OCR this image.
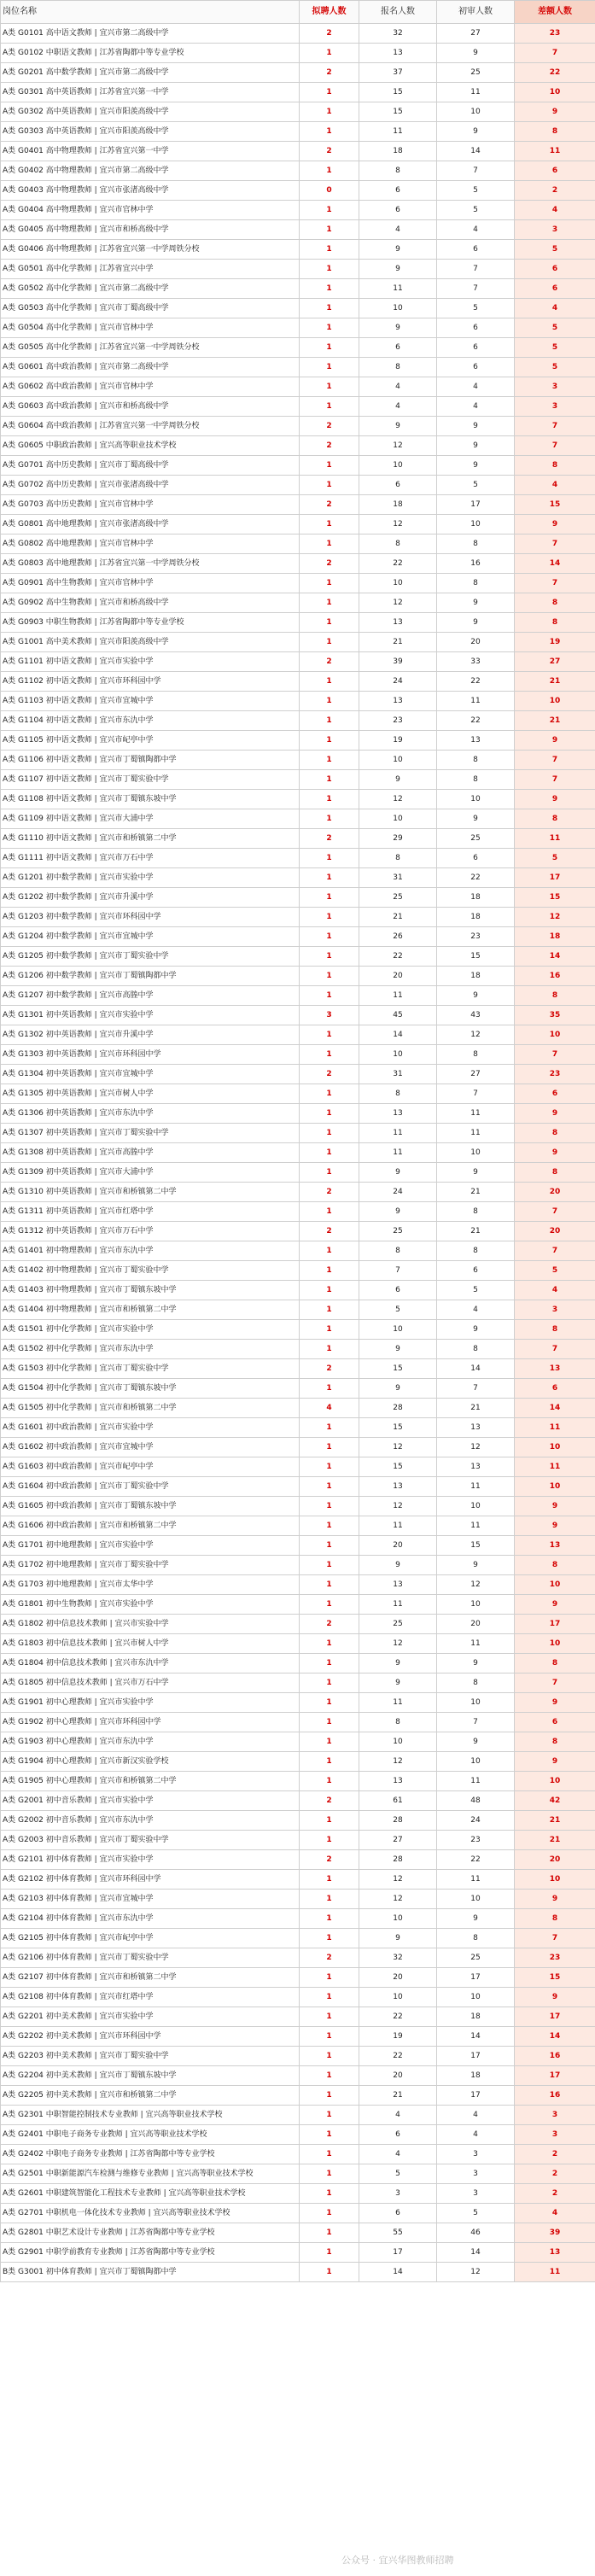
岗位名称	拟聘人数	报名人数	初审人数	差额人数
A类 G0101 高中语文教师 | 宜兴市第二高级中学	2	32	27	23
A类 G0102 中职语文教师 | 江苏省陶都中等专业学校	1	13	9	7
A类 G0201 高中数学教师 | 宜兴市第二高级中学	2	37	25	22
A类 G0301 高中英语教师 | 江苏省宜兴第一中学	1	15	11	10
A类 G0302 高中英语教师 | 宜兴市阳羡高级中学	1	15	10	9
A类 G0303 高中英语教师 | 宜兴市阳羡高级中学	1	11	9	8
A类 G0401 高中物理教师 | 江苏省宜兴第一中学	2	18	14	11
A类 G0402 高中物理教师 | 宜兴市第二高级中学	1	8	7	6
A类 G0403 高中物理教师 | 宜兴市张渚高级中学	0	6	5	2
A类 G0404 高中物理教师 | 宜兴市官林中学	1	6	5	4
A类 G0405 高中物理教师 | 宜兴市和桥高级中学	1	4	4	3
A类 G0406 高中物理教师 | 江苏省宜兴第一中学周铁分校	1	9	6	5
A类 G0501 高中化学教师 | 江苏省宜兴中学	1	9	7	6
A类 G0502 高中化学教师 | 宜兴市第二高级中学	1	11	7	6
A类 G0503 高中化学教师 | 宜兴市丁蜀高级中学	1	10	5	4
A类 G0504 高中化学教师 | 宜兴市官林中学	1	9	6	5
A类 G0505 高中化学教师 | 江苏省宜兴第一中学周铁分校	1	6	6	5
A类 G0601 高中政治教师 | 宜兴市第二高级中学	1	8	6	5
A类 G0602 高中政治教师 | 宜兴市官林中学	1	4	4	3
A类 G0603 高中政治教师 | 宜兴市和桥高级中学	1	4	4	3
A类 G0604 高中政治教师 | 江苏省宜兴第一中学周铁分校	2	9	9	7
A类 G0605 中职政治教师 | 宜兴高等职业技术学校	2	12	9	7
A类 G0701 高中历史教师 | 宜兴市丁蜀高级中学	1	10	9	8
A类 G0702 高中历史教师 | 宜兴市张渚高级中学	1	6	5	4
A类 G0703 高中历史教师 | 宜兴市官林中学	2	18	17	15
A类 G0801 高中地理教师 | 宜兴市张渚高级中学	1	12	10	9
A类 G0802 高中地理教师 | 宜兴市官林中学	1	8	8	7
A类 G0803 高中地理教师 | 江苏省宜兴第一中学周铁分校	2	22	16	14
A类 G0901 高中生物教师 | 宜兴市官林中学	1	10	8	7
A类 G0902 高中生物教师 | 宜兴市和桥高级中学	1	12	9	8
A类 G0903 中职生物教师 | 江苏省陶都中等专业学校	1	13	9	8
A类 G1001 高中美术教师 | 宜兴市阳羡高级中学	1	21	20	19
A类 G1101 初中语文教师 | 宜兴市实验中学	2	39	33	27
A类 G1102 初中语文教师 | 宜兴市环科园中学	1	24	22	21
A类 G1103 初中语文教师 | 宜兴市宜城中学	1	13	11	10
A类 G1104 初中语文教师 | 宜兴市东氿中学	1	23	22	21
A类 G1105 初中语文教师 | 宜兴市屺亭中学	1	19	13	9
A类 G1106 初中语文教师 | 宜兴市丁蜀镇陶都中学	1	10	8	7
A类 G1107 初中语文教师 | 宜兴市丁蜀实验中学	1	9	8	7
A类 G1108 初中语文教师 | 宜兴市丁蜀镇东坡中学	1	12	10	9
A类 G1109 初中语文教师 | 宜兴市大浦中学	1	10	9	8
A类 G1110 初中语文教师 | 宜兴市和桥镇第二中学	2	29	25	11
A类 G1111 初中语文教师 | 宜兴市万石中学	1	8	6	5
A类 G1201 初中数学教师 | 宜兴市实验中学	1	31	22	17
A类 G1202 初中数学教师 | 宜兴市升溪中学	1	25	18	15
A类 G1203 初中数学教师 | 宜兴市环科园中学	1	21	18	12
A类 G1204 初中数学教师 | 宜兴市宜城中学	1	26	23	18
A类 G1205 初中数学教师 | 宜兴市丁蜀实验中学	1	22	15	14
A类 G1206 初中数学教师 | 宜兴市丁蜀镇陶都中学	1	20	18	16
A类 G1207 初中数学教师 | 宜兴市高塍中学	1	11	9	8
A类 G1301 初中英语教师 | 宜兴市实验中学	3	45	43	35
A类 G1302 初中英语教师 | 宜兴市升溪中学	1	14	12	10
A类 G1303 初中英语教师 | 宜兴市环科园中学	1	10	8	7
A类 G1304 初中英语教师 | 宜兴市宜城中学	2	31	27	23
A类 G1305 初中英语教师 | 宜兴市树人中学	1	8	7	6
A类 G1306 初中英语教师 | 宜兴市东氿中学	1	13	11	9
A类 G1307 初中英语教师 | 宜兴市丁蜀实验中学	1	11	11	8
A类 G1308 初中英语教师 | 宜兴市高塍中学	1	11	10	9
A类 G1309 初中英语教师 | 宜兴市大浦中学	1	9	9	8
A类 G1310 初中英语教师 | 宜兴市和桥镇第二中学	2	24	21	20
A类 G1311 初中英语教师 | 宜兴市红塔中学	1	9	8	7
A类 G1312 初中英语教师 | 宜兴市万石中学	2	25	21	20
A类 G1401 初中物理教师 | 宜兴市东氿中学	1	8	8	7
A类 G1402 初中物理教师 | 宜兴市丁蜀实验中学	1	7	6	5
A类 G1403 初中物理教师 | 宜兴市丁蜀镇东坡中学	1	6	5	4
A类 G1404 初中物理教师 | 宜兴市和桥镇第二中学	1	5	4	3
A类 G1501 初中化学教师 | 宜兴市实验中学	1	10	9	8
A类 G1502 初中化学教师 | 宜兴市东氿中学	1	9	8	7
A类 G1503 初中化学教师 | 宜兴市丁蜀实验中学	2	15	14	13
A类 G1504 初中化学教师 | 宜兴市丁蜀镇东坡中学	1	9	7	6
A类 G1505 初中化学教师 | 宜兴市和桥镇第二中学	4	28	21	14
A类 G1601 初中政治教师 | 宜兴市实验中学	1	15	13	11
A类 G1602 初中政治教师 | 宜兴市宜城中学	1	12	12	10
A类 G1603 初中政治教师 | 宜兴市屺亭中学	1	15	13	11
A类 G1604 初中政治教师 | 宜兴市丁蜀实验中学	1	13	11	10
A类 G1605 初中政治教师 | 宜兴市丁蜀镇东坡中学	1	12	10	9
A类 G1606 初中政治教师 | 宜兴市和桥镇第二中学	1	11	11	9
A类 G1701 初中地理教师 | 宜兴市实验中学	1	20	15	13
A类 G1702 初中地理教师 | 宜兴市丁蜀实验中学	1	9	9	8
A类 G1703 初中地理教师 | 宜兴市太华中学	1	13	12	10
A类 G1801 初中生物教师 | 宜兴市实验中学	1	11	10	9
A类 G1802 初中信息技术教师 | 宜兴市实验中学	2	25	20	17
A类 G1803 初中信息技术教师 | 宜兴市树人中学	1	12	11	10
A类 G1804 初中信息技术教师 | 宜兴市东氿中学	1	9	9	8
A类 G1805 初中信息技术教师 | 宜兴市万石中学	1	9	8	7
A类 G1901 初中心理教师 | 宜兴市实验中学	1	11	10	9
A类 G1902 初中心理教师 | 宜兴市环科园中学	1	8	7	6
A类 G1903 初中心理教师 | 宜兴市东氿中学	1	10	9	8
A类 G1904 初中心理教师 | 宜兴市新汉实验学校	1	12	10	9
A类 G1905 初中心理教师 | 宜兴市和桥镇第二中学	1	13	11	10
A类 G2001 初中音乐教师 | 宜兴市实验中学	2	61	48	42
A类 G2002 初中音乐教师 | 宜兴市东氿中学	1	28	24	21
A类 G2003 初中音乐教师 | 宜兴市丁蜀实验中学	1	27	23	21
A类 G2101 初中体育教师 | 宜兴市实验中学	2	28	22	20
A类 G2102 初中体育教师 | 宜兴市环科园中学	1	12	11	10
A类 G2103 初中体育教师 | 宜兴市宜城中学	1	12	10	9
A类 G2104 初中体育教师 | 宜兴市东氿中学	1	10	9	8
A类 G2105 初中体育教师 | 宜兴市屺亭中学	1	9	8	7
A类 G2106 初中体育教师 | 宜兴市丁蜀实验中学	2	32	25	23
A类 G2107 初中体育教师 | 宜兴市和桥镇第二中学	1	20	17	15
A类 G2108 初中体育教师 | 宜兴市红塔中学	1	10	10	9
A类 G2201 初中美术教师 | 宜兴市实验中学	1	22	18	17
A类 G2202 初中美术教师 | 宜兴市环科园中学	1	19	14	14
A类 G2203 初中美术教师 | 宜兴市丁蜀实验中学	1	22	17	16
A类 G2204 初中美术教师 | 宜兴市丁蜀镇东坡中学	1	20	18	17
A类 G2205 初中美术教师 | 宜兴市和桥镇第二中学	1	21	17	16
A类 G2301 中职智能控制技术专业教师 | 宜兴高等职业技术学校	1	4	4	3
A类 G2401 中职电子商务专业教师 | 宜兴高等职业技术学校	1	6	4	3
A类 G2402 中职电子商务专业教师 | 江苏省陶都中等专业学校	1	4	3	2
A类 G2501 中职新能源汽车检测与维修专业教师 | 宜兴高等职业技术学校	1	5	3	2
A类 G2601 中职建筑智能化工程技术专业教师 | 宜兴高等职业技术学校	1	3	3	2
A类 G2701 中职机电一体化技术专业教师 | 宜兴高等职业技术学校	1	6	5	4
A类 G2801 中职艺术设计专业教师 | 江苏省陶都中等专业学校	1	55	46	39
A类 G2901 中职学前教育专业教师 | 江苏省陶都中等专业学校	1	17	14	13
B类 G3001 初中体育教师 | 宜兴市丁蜀镇陶都中学	1	14	12	11
公众号 · 宜兴华图教师招聘
